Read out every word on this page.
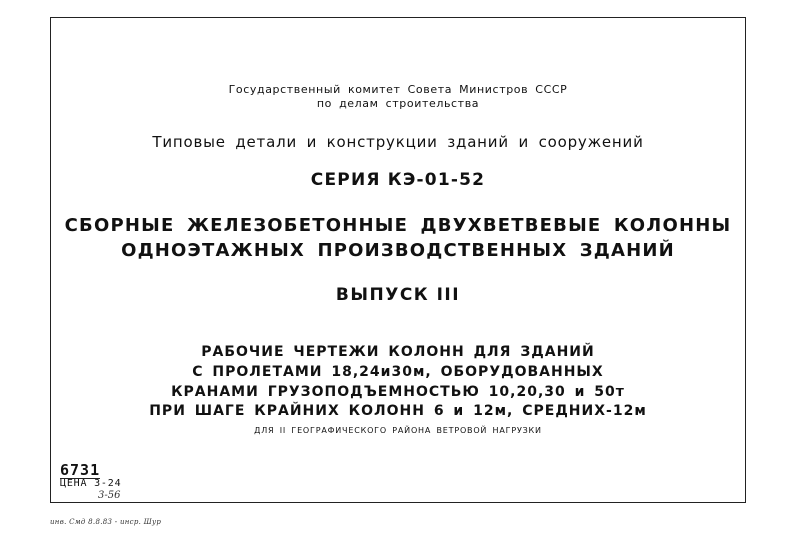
Государственный комитет Совета Министров СССР
по делам строительства
Типовые детали и конструкции зданий и сооружений
СЕРИЯ КЭ-01-52
СБОРНЫЕ ЖЕЛЕЗОБЕТОННЫЕ ДВУХВЕТВЕВЫЕ КОЛОННЫ
ОДНОЭТАЖНЫХ ПРОИЗВОДСТВЕННЫХ ЗДАНИЙ
ВЫПУСК III
РАБОЧИЕ ЧЕРТЕЖИ КОЛОНН ДЛЯ ЗДАНИЙ
С ПРОЛЕТАМИ 18,24и30м, ОБОРУДОВАННЫХ
КРАНАМИ ГРУЗОПОДЪЕМНОСТЬЮ 10,20,30 и 50т
ПРИ ШАГЕ КРАЙНИХ КОЛОНН 6 и 12м, СРЕДНИХ-12м
ДЛЯ II ГЕОГРАФИЧЕСКОГО РАЙОНА ВЕТРОВОЙ НАГРУЗКИ
6731
ЦЕНА 3-24
3-56
инв. Смд 8.8.83 - инср. Шур
